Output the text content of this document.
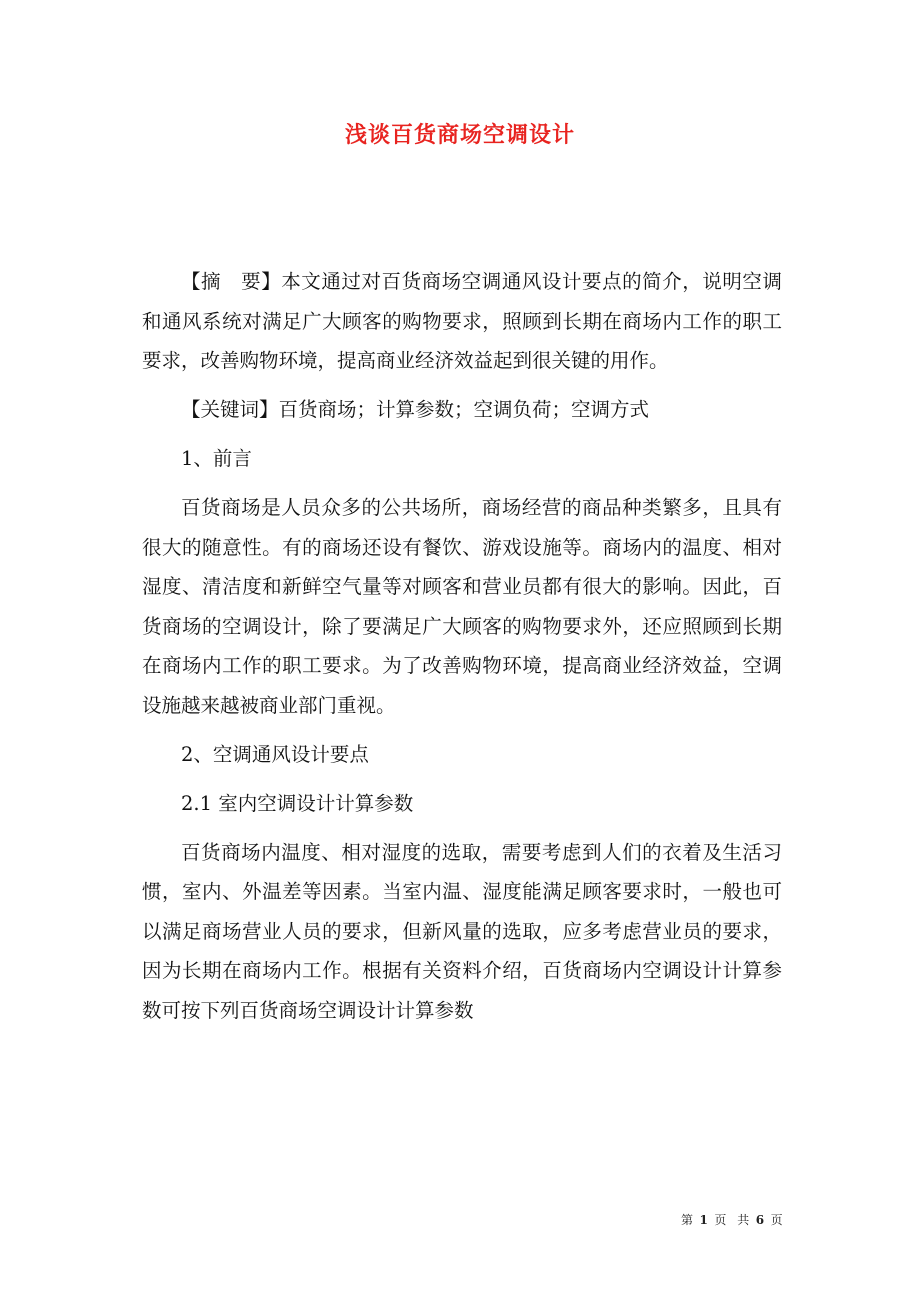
浅谈百货商场空调设计

【摘　要】本文通过对百货商场空调通风设计要点的简介，说明空调和通风系统对满足广大顾客的购物要求，照顾到长期在商场内工作的职工要求，改善购物环境，提高商业经济效益起到很关键的用作。

【关键词】百货商场；计算参数；空调负荷；空调方式

1、前言

百货商场是人员众多的公共场所，商场经营的商品种类繁多，且具有很大的随意性。有的商场还设有餐饮、游戏设施等。商场内的温度、相对湿度、清洁度和新鲜空气量等对顾客和营业员都有很大的影响。因此，百货商场的空调设计，除了要满足广大顾客的购物要求外，还应照顾到长期在商场内工作的职工要求。为了改善购物环境，提高商业经济效益，空调设施越来越被商业部门重视。

2、空调通风设计要点

2.1 室内空调设计计算参数

百货商场内温度、相对湿度的选取，需要考虑到人们的衣着及生活习惯，室内、外温差等因素。当室内温、湿度能满足顾客要求时，一般也可以满足商场营业人员的要求，但新风量的选取，应多考虑营业员的要求，因为长期在商场内工作。根据有关资料介绍，百货商场内空调设计计算参数可按下列百货商场空调设计计算参数

第 1 页 共 6 页
